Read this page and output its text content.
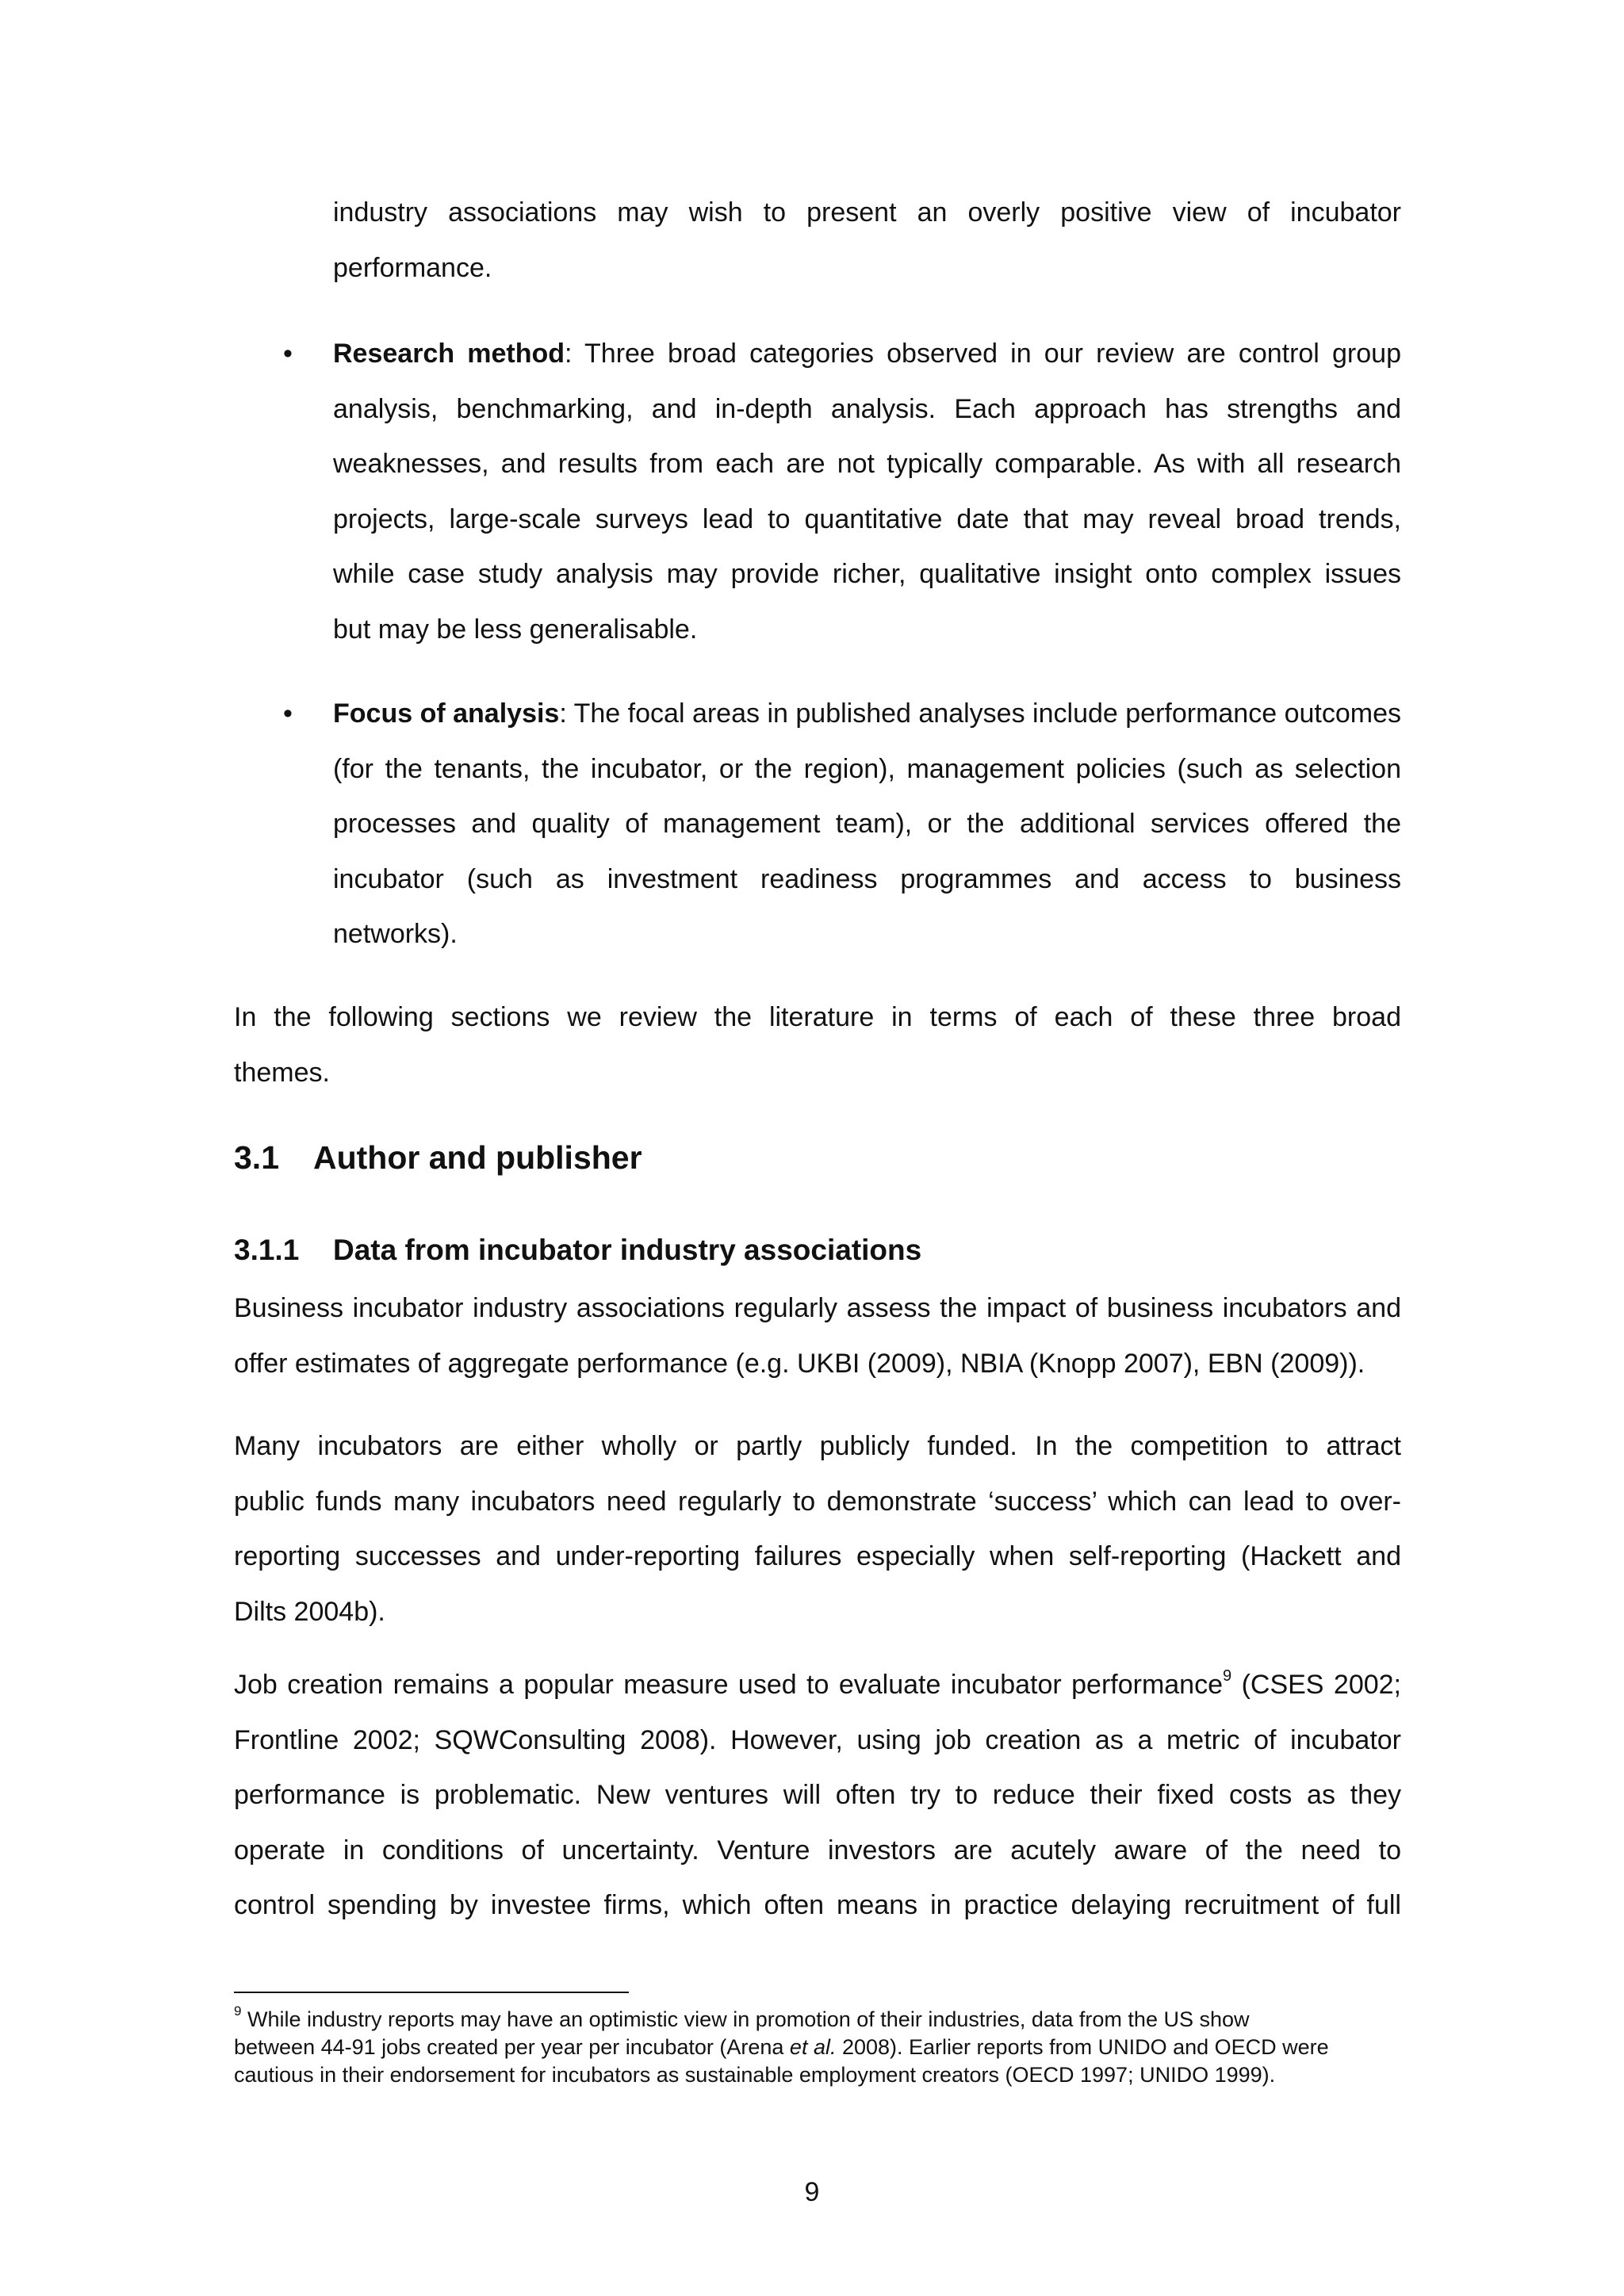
industry associations may wish to present an overly positive view of incubator

performance.

• Research method: Three broad categories observed in our review are control group

analysis, benchmarking, and in-depth analysis. Each approach has strengths and

weaknesses, and results from each are not typically comparable. As with all research

projects, large-scale surveys lead to quantitative date that may reveal broad trends,

while case study analysis may provide richer, qualitative insight onto complex issues

but may be less generalisable.

• Focus of analysis: The focal areas in published analyses include performance outcomes

(for the tenants, the incubator, or the region), management policies (such as selection

processes and quality of management team), or the additional services offered the

incubator (such as investment readiness programmes and access to business

networks).

In the following sections we review the literature in terms of each of these three broad

themes.

3.1 Author and publisher
3.1.1 Data from incubator industry associations

Business incubator industry associations regularly assess the impact of business incubators and

offer estimates of aggregate performance (e.g. UKBI (2009), NBIA (Knopp 2007), EBN (2009)).

Many incubators are either wholly or partly publicly funded. In the competition to attract

public funds many incubators need regularly to demonstrate ‘success’ which can lead to over-

reporting successes and under-reporting failures especially when self-reporting (Hackett and

Dilts 2004b).

Job creation remains a popular measure used to evaluate incubator performance$^9$ (CSES 2002;

Frontline 2002; SQWConsulting 2008). However, using job creation as a metric of incubator

performance is problematic. New ventures will often try to reduce their fixed costs as they

operate in conditions of uncertainty. Venture investors are acutely aware of the need to

control spending by investee firms, which often means in practice delaying recruitment of full

$^9$ While industry reports may have an optimistic view in promotion of their industries, data from the US show

between 44-91 jobs created per year per incubator (Arena et al. 2008). Earlier reports from UNIDO and OECD were

cautious in their endorsement for incubators as sustainable employment creators (OECD 1997; UNIDO 1999).

9
